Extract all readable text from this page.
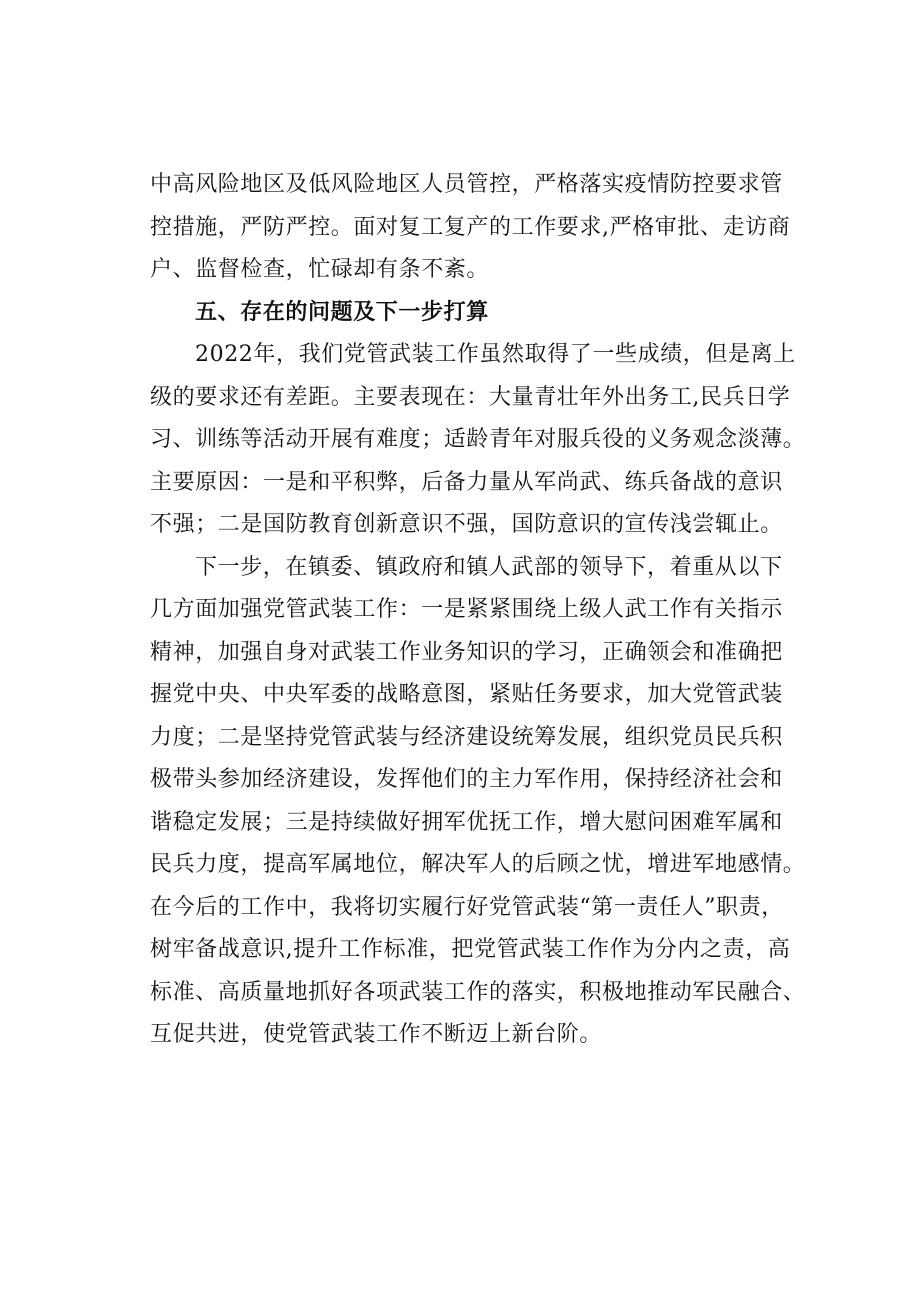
中高风险地区及低风险地区人员管控，严格落实疫情防控要求管
控措施，严防严控。面对复工复产的工作要求,严格审批、走访商
户、监督检查，忙碌却有条不紊。
五、存在的问题及下一步打算
2022年，我们党管武装工作虽然取得了一些成绩，但是离上
级的要求还有差距。主要表现在：大量青壮年外出务工,民兵日学
习、训练等活动开展有难度；适龄青年对服兵役的义务观念淡薄。
主要原因：一是和平积弊，后备力量从军尚武、练兵备战的意识
不强；二是国防教育创新意识不强，国防意识的宣传浅尝辄止。
下一步，在镇委、镇政府和镇人武部的领导下，着重从以下
几方面加强党管武装工作：一是紧紧围绕上级人武工作有关指示
精神，加强自身对武装工作业务知识的学习，正确领会和准确把
握党中央、中央军委的战略意图，紧贴任务要求，加大党管武装
力度；二是坚持党管武装与经济建设统筹发展，组织党员民兵积
极带头参加经济建设，发挥他们的主力军作用，保持经济社会和
谐稳定发展；三是持续做好拥军优抚工作，增大慰问困难军属和
民兵力度，提高军属地位，解决军人的后顾之忧，增进军地感情。
在今后的工作中，我将切实履行好党管武装“第一责任人”职责，
树牢备战意识,提升工作标准，把党管武装工作作为分内之责，高
标准、高质量地抓好各项武装工作的落实，积极地推动军民融合、
互促共进，使党管武装工作不断迈上新台阶。
